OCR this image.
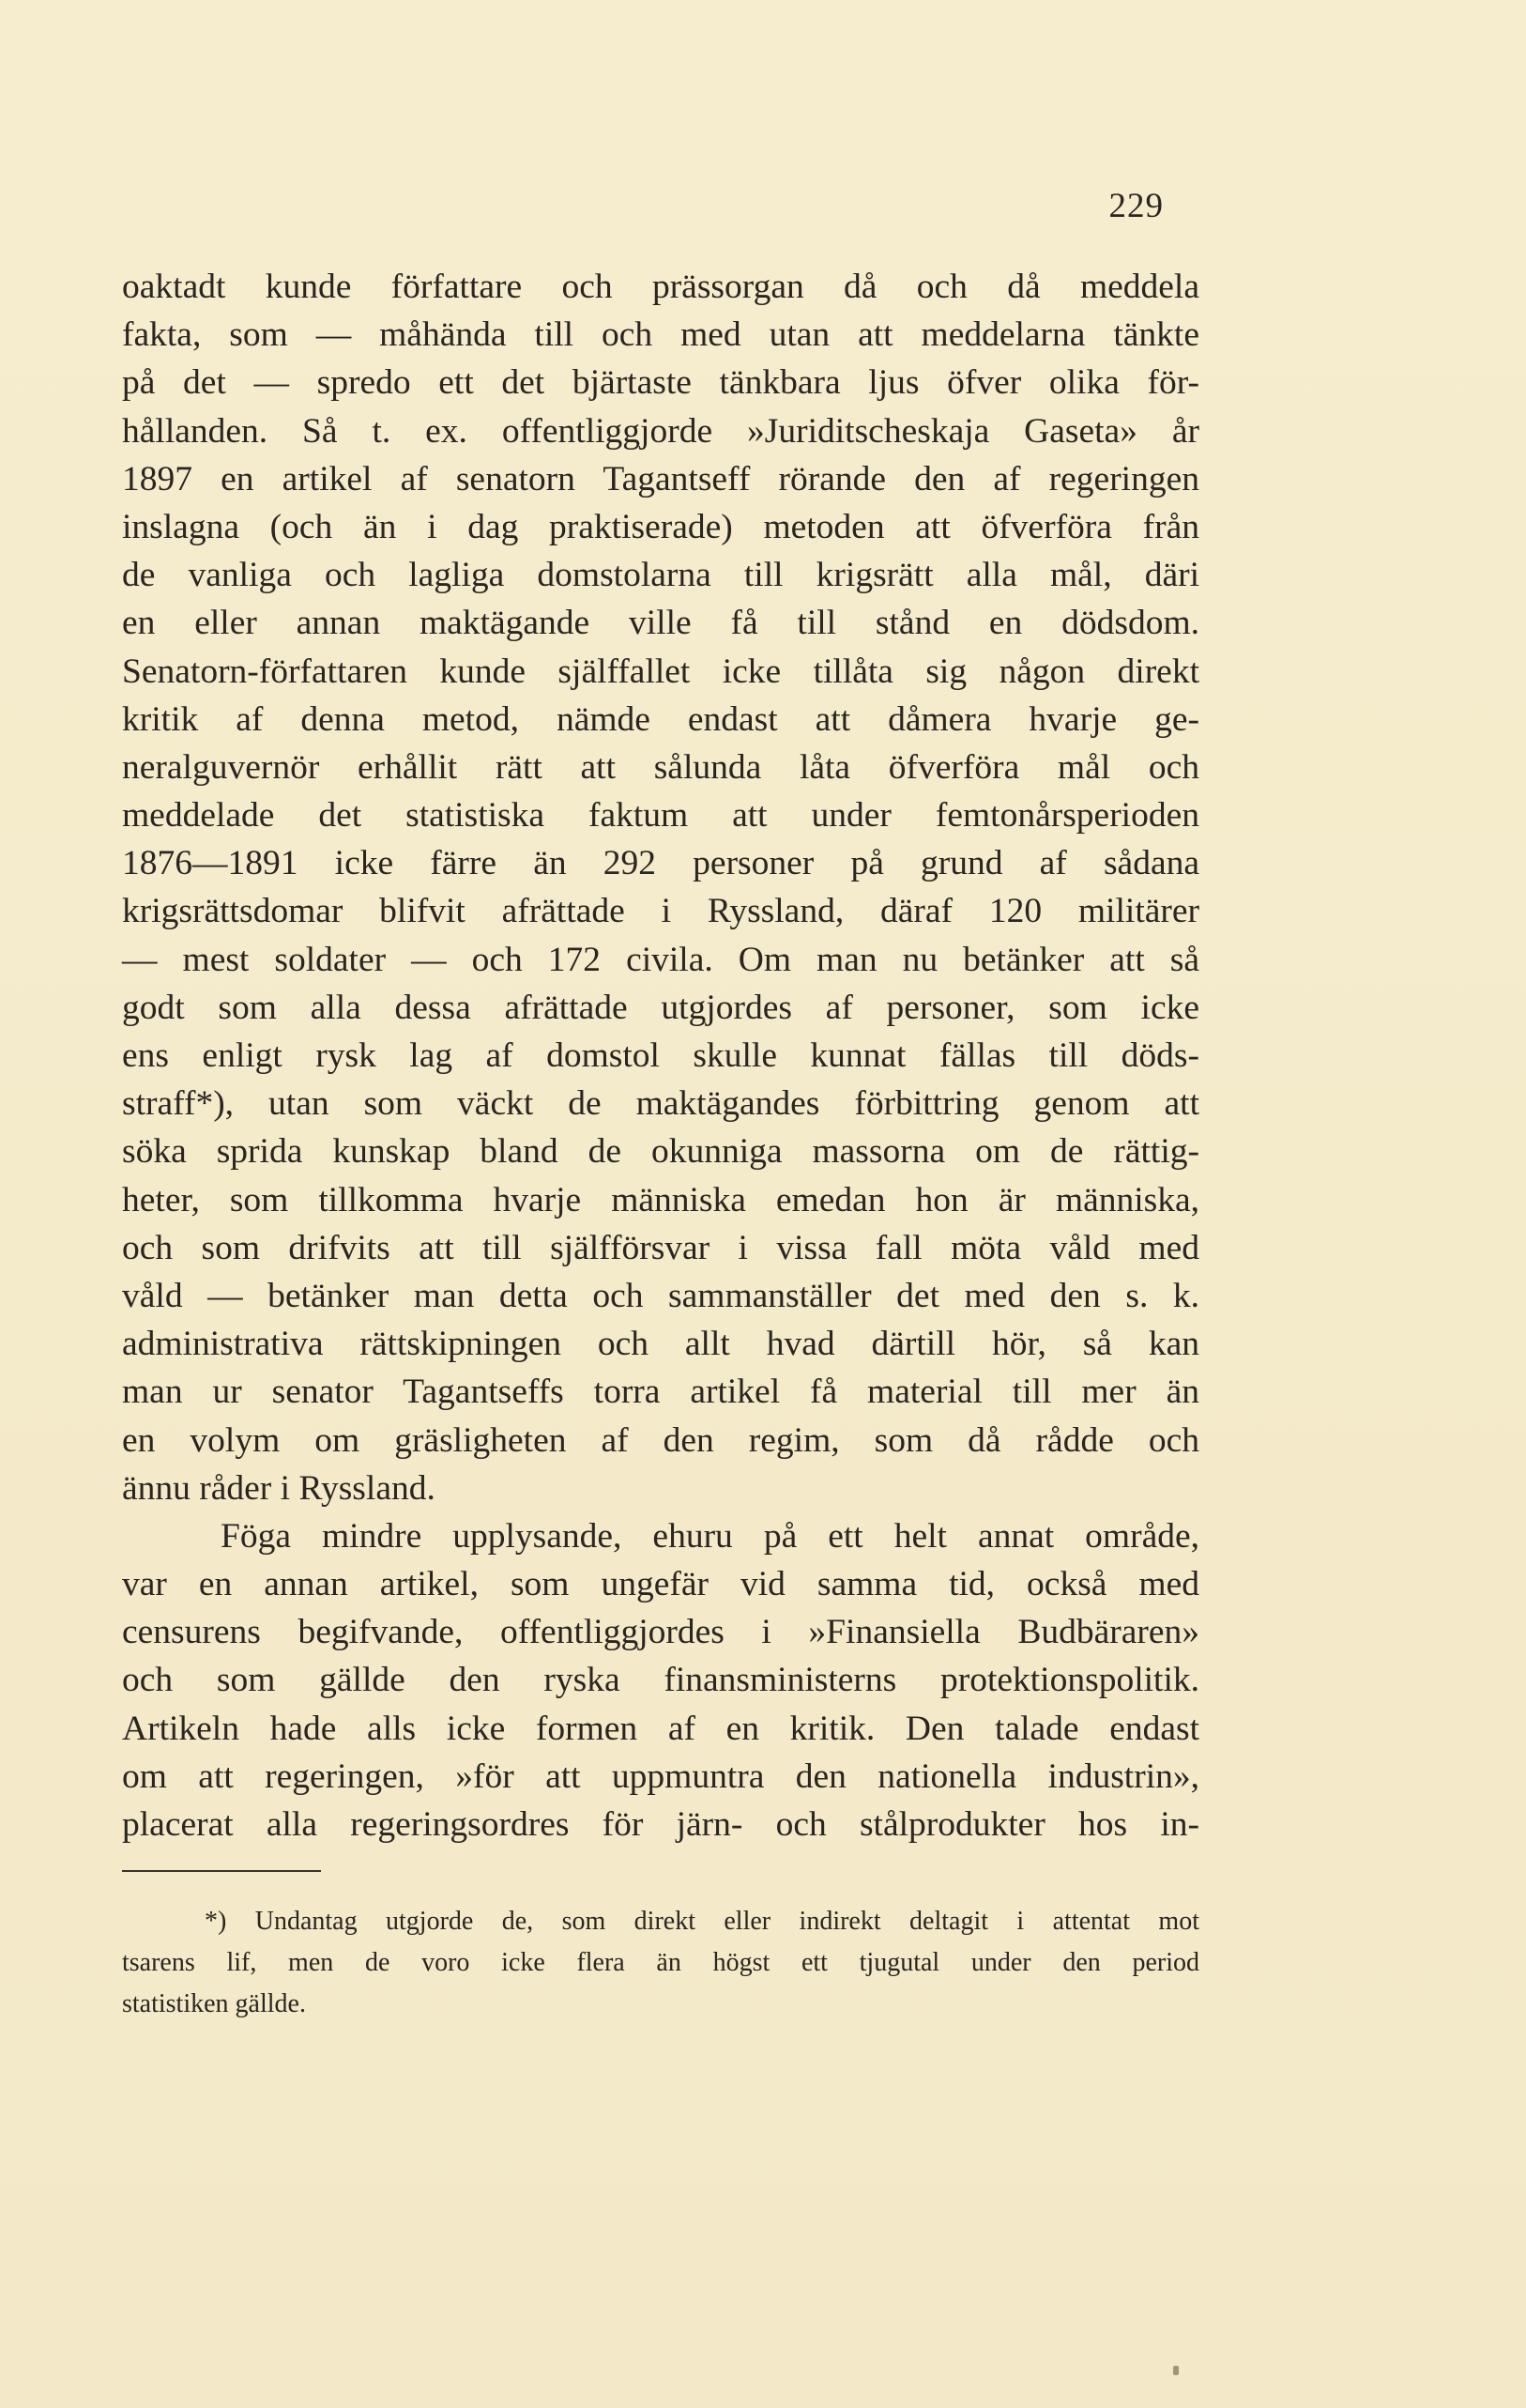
229
oaktadt kunde författare och prässorgan då och då meddela
fakta, som — måhända till och med utan att meddelarna tänkte
på det — spredo ett det bjärtaste tänkbara ljus öfver olika för-
hållanden. Så t. ex. offentliggjorde »Juriditscheskaja Gaseta» år
1897 en artikel af senatorn Tagantseff rörande den af regeringen
inslagna (och än i dag praktiserade) metoden att öfverföra från
de vanliga och lagliga domstolarna till krigsrätt alla mål, däri
en eller annan maktägande ville få till stånd en dödsdom.
Senatorn-författaren kunde själffallet icke tillåta sig någon direkt
kritik af denna metod, nämde endast att dåmera hvarje ge-
neralguvernör erhållit rätt att sålunda låta öfverföra mål och
meddelade det statistiska faktum att under femtonårsperioden
1876—1891 icke färre än 292 personer på grund af sådana
krigsrättsdomar blifvit afrättade i Ryssland, däraf 120 militärer
— mest soldater — och 172 civila. Om man nu betänker att så
godt som alla dessa afrättade utgjordes af personer, som icke
ens enligt rysk lag af domstol skulle kunnat fällas till döds-
straff*), utan som väckt de maktägandes förbittring genom att
söka sprida kunskap bland de okunniga massorna om de rättig-
heter, som tillkomma hvarje människa emedan hon är människa,
och som drifvits att till själfförsvar i vissa fall möta våld med
våld — betänker man detta och sammanställer det med den s. k.
administrativa rättskipningen och allt hvad därtill hör, så kan
man ur senator Tagantseffs torra artikel få material till mer än
en volym om gräsligheten af den regim, som då rådde och
ännu råder i Ryssland.
Föga mindre upplysande, ehuru på ett helt annat område,
var en annan artikel, som ungefär vid samma tid, också med
censurens begifvande, offentliggjordes i »Finansiella Budbäraren»
och som gällde den ryska finansministerns protektionspolitik.
Artikeln hade alls icke formen af en kritik. Den talade endast
om att regeringen, »för att uppmuntra den nationella industrin»,
placerat alla regeringsordres för järn- och stålprodukter hos in-
*) Undantag utgjorde de, som direkt eller indirekt deltagit i attentat mot
tsarens lif, men de voro icke flera än högst ett tjugutal under den period
statistiken gällde.
